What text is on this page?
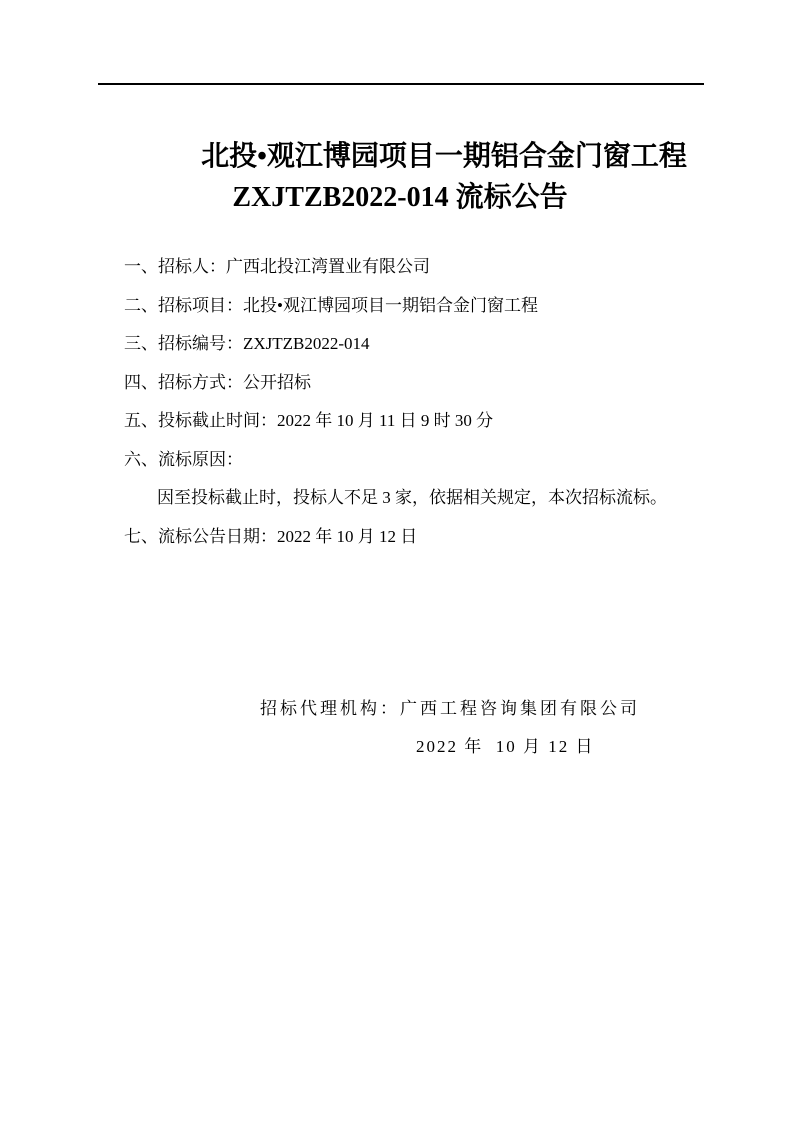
北投•观江博园项目一期铝合金门窗工程
ZXJTZB2022-014 流标公告
一、招标人：广西北投江湾置业有限公司
二、招标项目：北投•观江博园项目一期铝合金门窗工程
三、招标编号：ZXJTZB2022-014
四、招标方式：公开招标
五、投标截止时间：2022 年 10 月 11 日 9 时 30 分
六、流标原因：
因至投标截止时，投标人不足 3 家，依据相关规定，本次招标流标。
七、流标公告日期：2022 年 10 月 12 日
招标代理机构：广西工程咨询集团有限公司
2022 年  10 月 12 日
